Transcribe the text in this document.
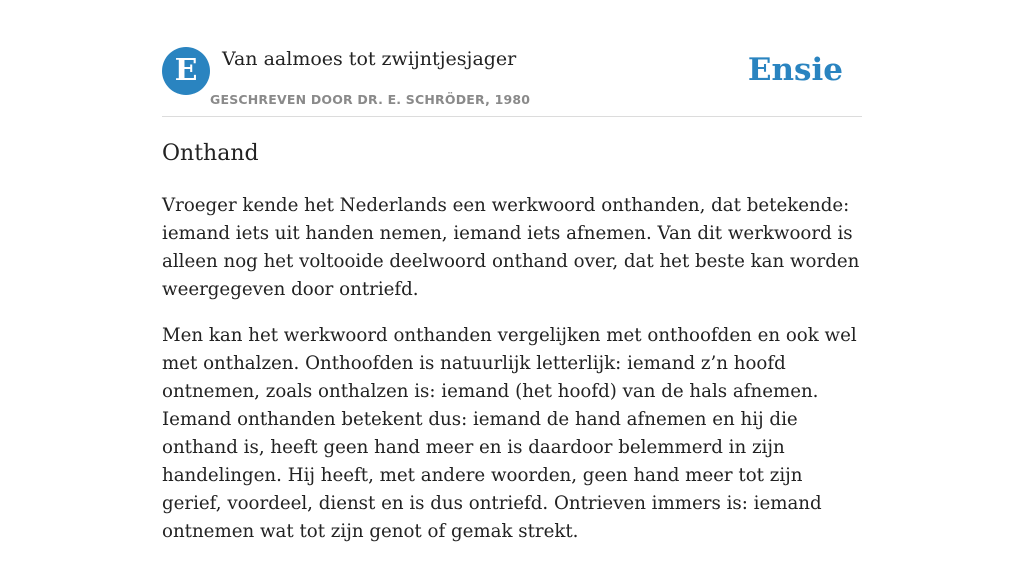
E	Van aalmoes tot zwijntjesjager
GESCHREVEN DOOR DR. E. SCHRÖDER, 1980
Ensie
Onthand

Vroeger kende het Nederlands een werkwoord onthanden, dat betekende: iemand iets uit handen nemen, iemand iets afnemen. Van dit werkwoord is alleen nog het voltooide deelwoord onthand over, dat het beste kan worden weergegeven door ontriefd.

Men kan het werkwoord onthanden vergelijken met onthoofden en ook wel met onthalzen. Onthoofden is natuurlijk letterlijk: iemand z’n hoofd ontnemen, zoals onthalzen is: iemand (het hoofd) van de hals afnemen. Iemand onthanden betekent dus: iemand de hand afnemen en hij die onthand is, heeft geen hand meer en is daardoor belemmerd in zijn handelingen. Hij heeft, met andere woorden, geen hand meer tot zijn gerief, voordeel, dienst en is dus ontriefd. Ontrieven immers is: iemand ontnemen wat tot zijn genot of gemak strekt.
